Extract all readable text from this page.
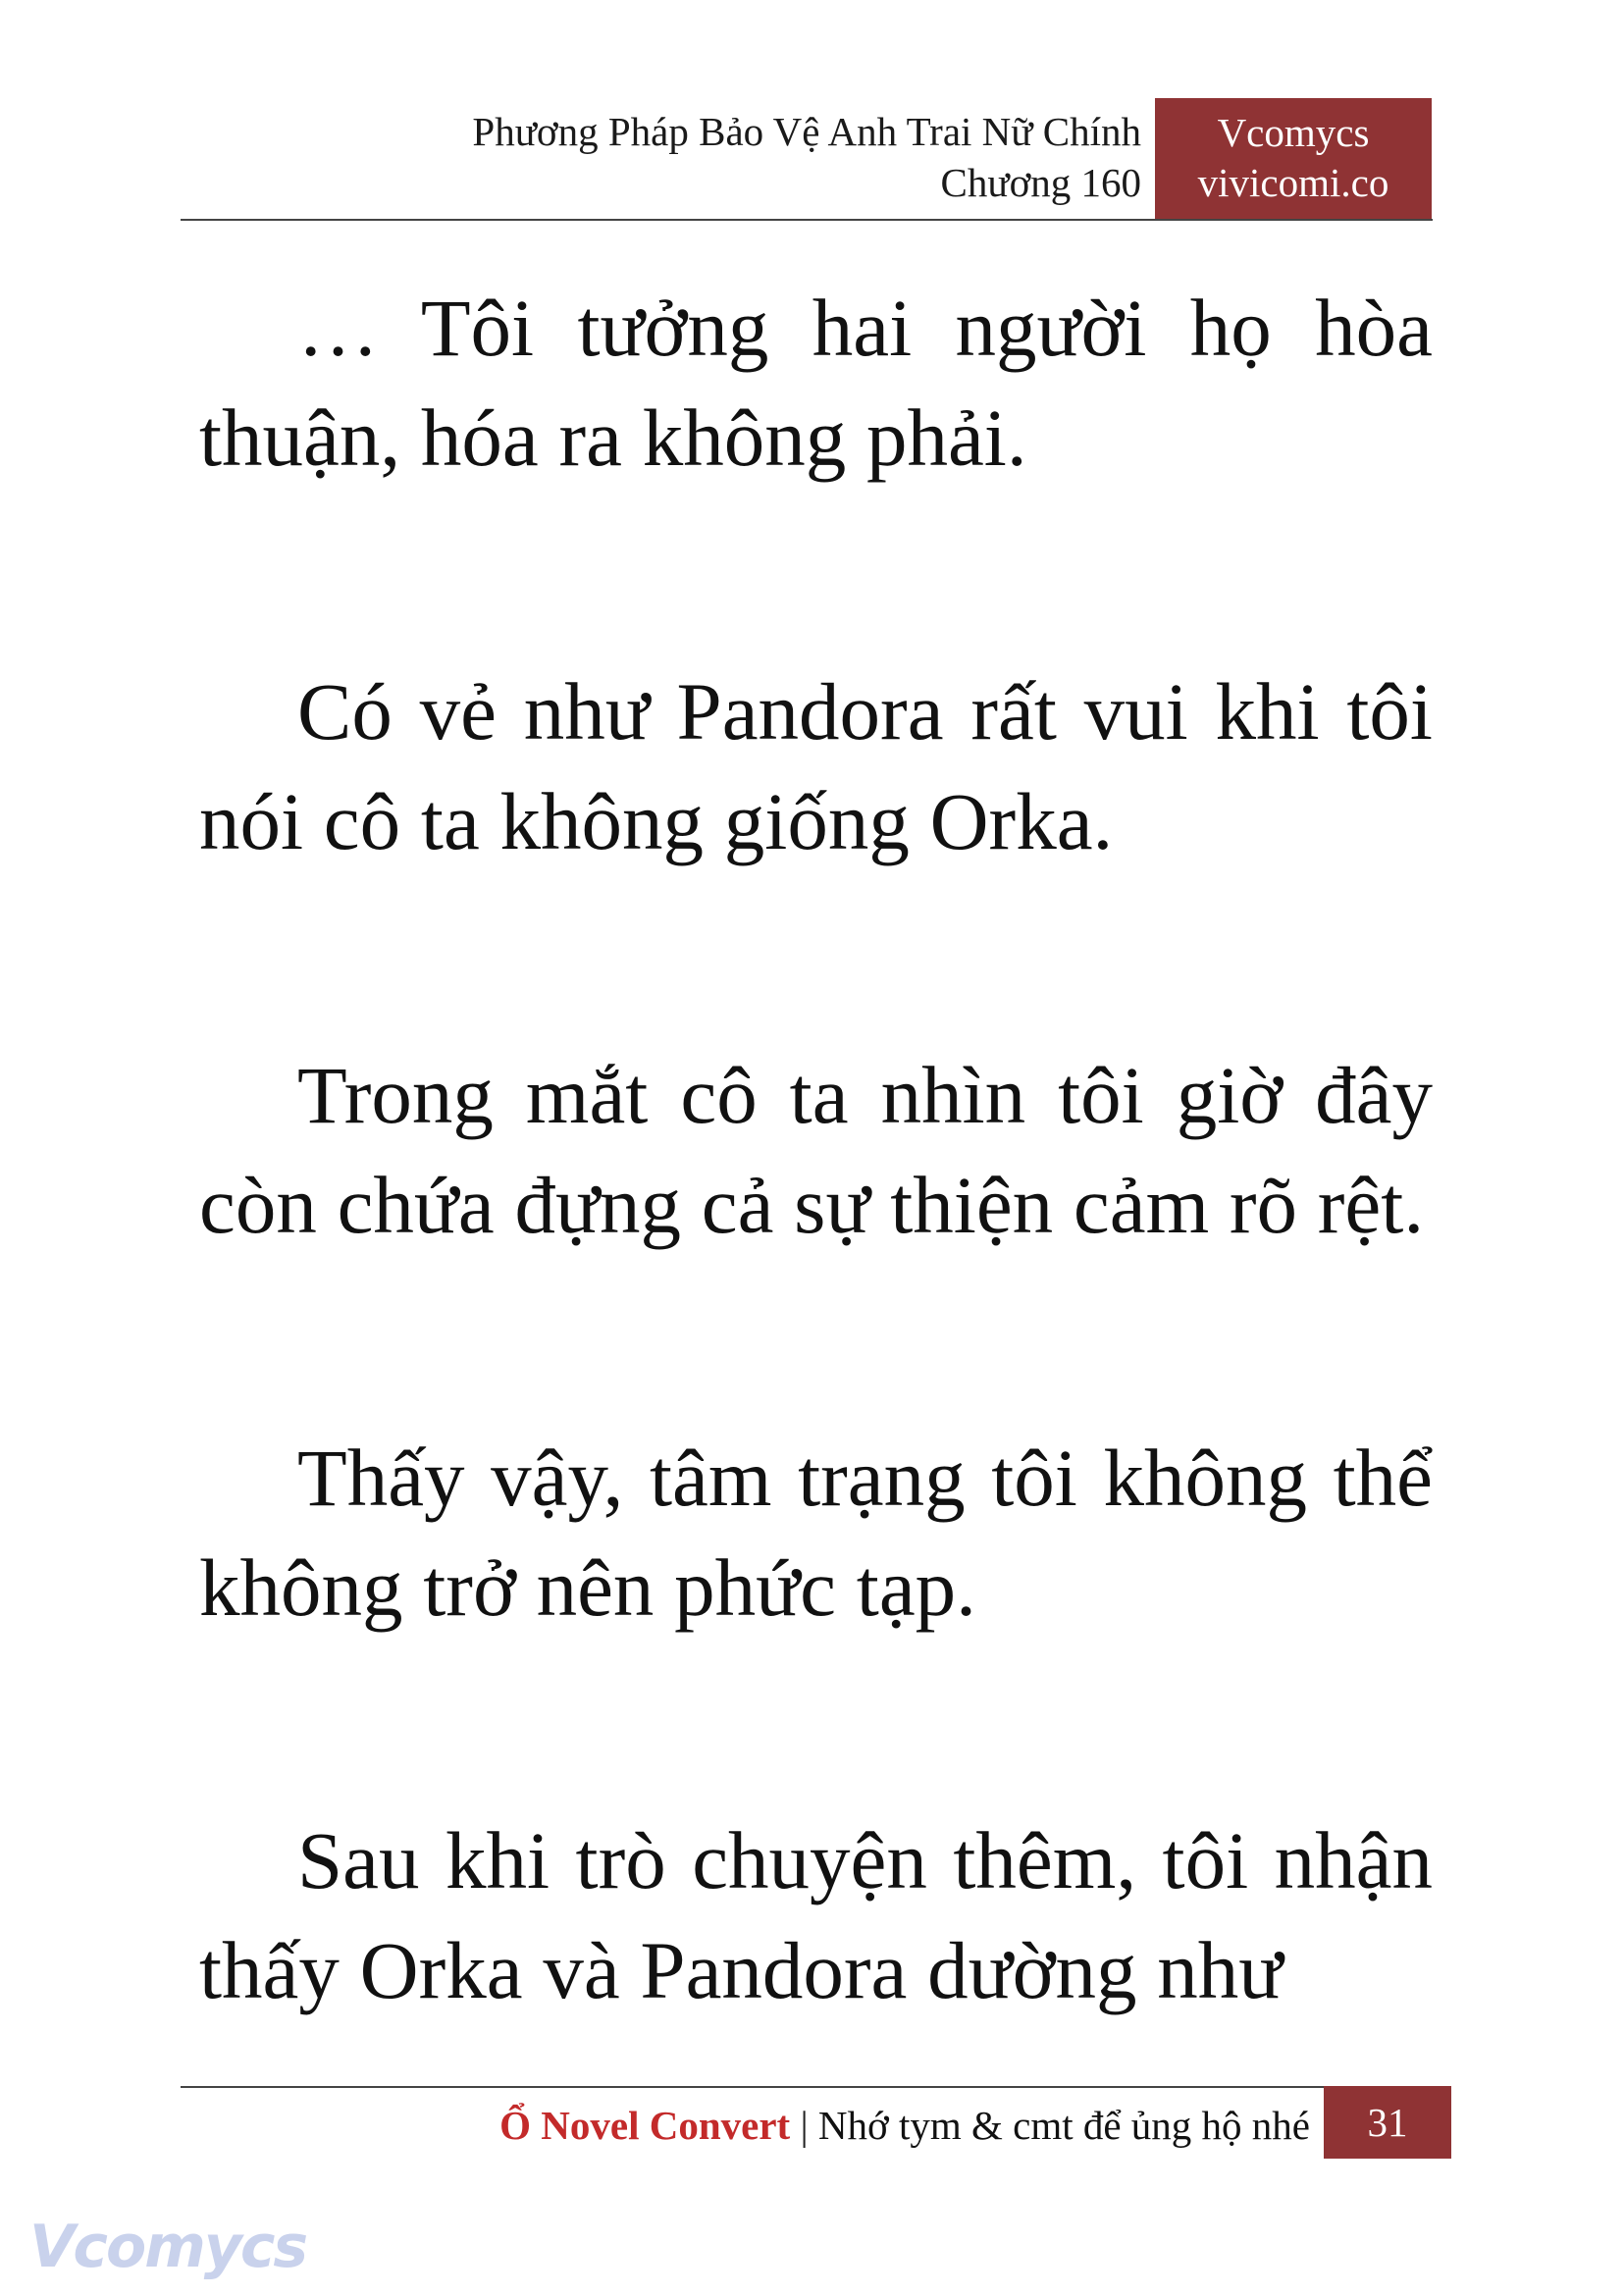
Phương Pháp Bảo Vệ Anh Trai Nữ Chính
Chương 160
Vcomycs
vivicomi.co

… Tôi tưởng hai người họ hòa thuận, hóa ra không phải.

Có vẻ như Pandora rất vui khi tôi nói cô ta không giống Orka.

Trong mắt cô ta nhìn tôi giờ đây còn chứa đựng cả sự thiện cảm rõ rệt.

Thấy vậy, tâm trạng tôi không thể không trở nên phức tạp.

Sau khi trò chuyện thêm, tôi nhận thấy Orka và Pandora dường như

Ổ Novel Convert | Nhớ tym & cmt để ủng hộ nhé	31
Vcomycs
